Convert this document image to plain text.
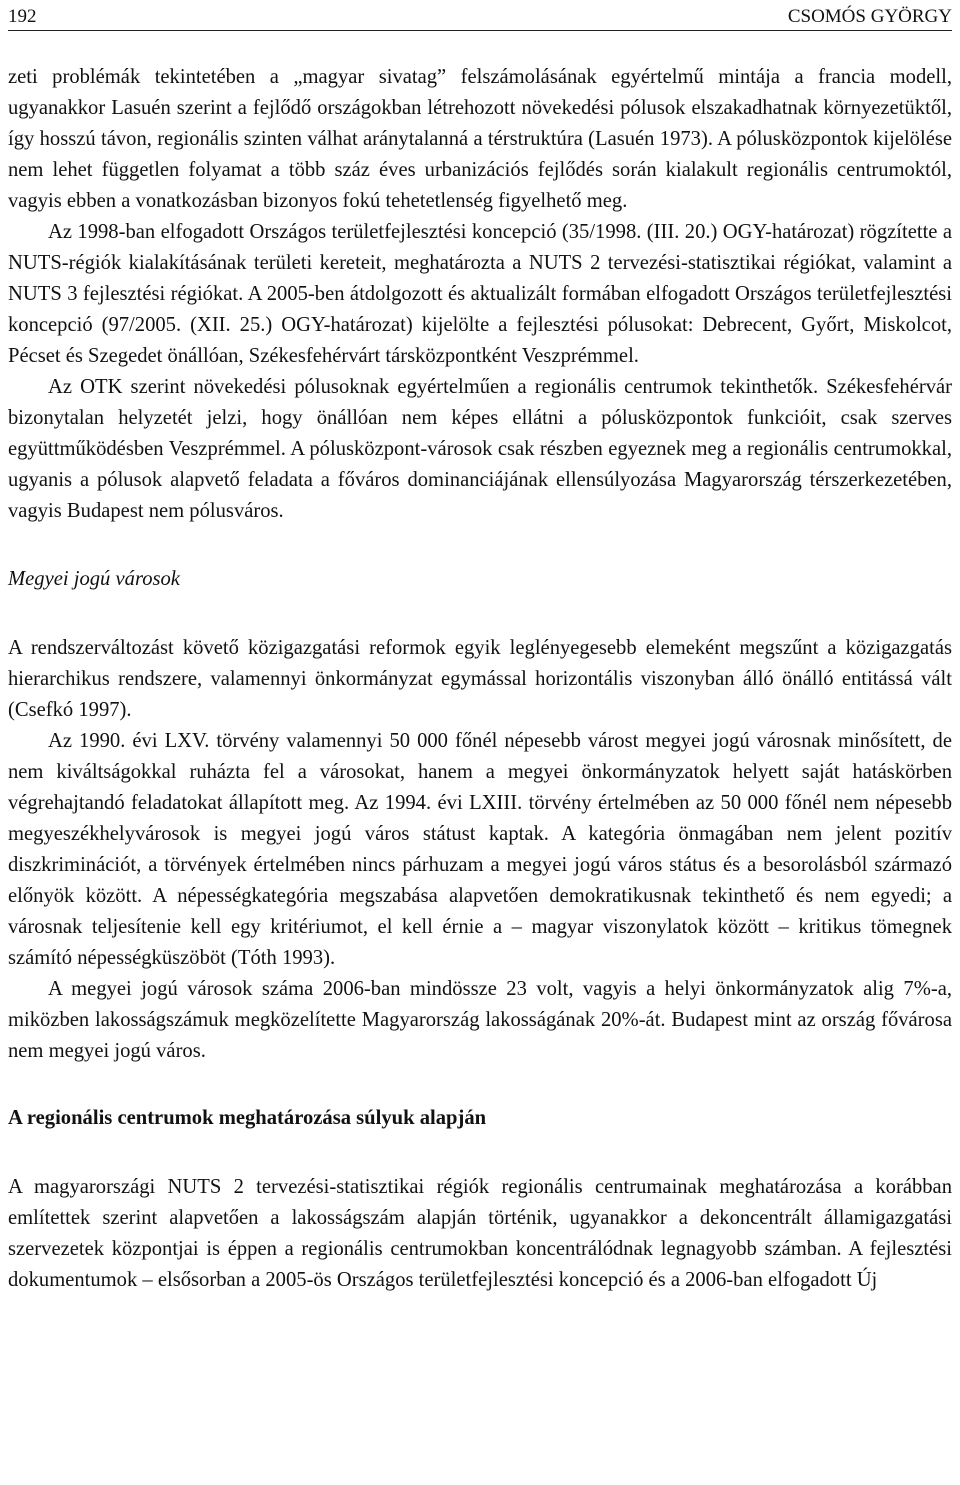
192	CSOMÓS GYÖRGY

zeti problémák tekintetében a „magyar sivatag” felszámolásának egyértelmű mintája a francia modell, ugyanakkor Lasuén szerint a fejlődő országokban létrehozott növekedési pólusok elszakadhatnak környezetüktől, így hosszú távon, regionális szinten válhat aránytalanná a térstruktúra (Lasuén 1973). A pólusközpontok kijelölése nem lehet független folyamat a több száz éves urbanizációs fejlődés során kialakult regionális centrumoktól, vagyis ebben a vonatkozásban bizonyos fokú tehetetlenség figyelhető meg.

Az 1998-ban elfogadott Országos területfejlesztési koncepció (35/1998. (III. 20.) OGY-határozat) rögzítette a NUTS-régiók kialakításának területi kereteit, meghatározta a NUTS 2 tervezési-statisztikai régiókat, valamint a NUTS 3 fejlesztési régiókat. A 2005-ben átdolgozott és aktualizált formában elfogadott Országos területfejlesztési koncepció (97/2005. (XII. 25.) OGY-határozat) kijelölte a fejlesztési pólusokat: Debrecent, Győrt, Miskolcot, Pécset és Szegedet önállóan, Székesfehérvárt társközpontként Veszprémmel.

Az OTK szerint növekedési pólusoknak egyértelműen a regionális centrumok tekinthetők. Székesfehérvár bizonytalan helyzetét jelzi, hogy önállóan nem képes ellátni a pólusközpontok funkcióit, csak szerves együttműködésben Veszprémmel. A pólusközpont-városok csak részben egyeznek meg a regionális centrumokkal, ugyanis a pólusok alapvető feladata a főváros dominanciájának ellensúlyozása Magyarország térszerkezetében, vagyis Budapest nem pólusváros.

Megyei jogú városok

A rendszerváltozást követő közigazgatási reformok egyik leglényegesebb elemeként megszűnt a közigazgatás hierarchikus rendszere, valamennyi önkormányzat egymással horizontális viszonyban álló önálló entitássá vált (Csefkó 1997).

Az 1990. évi LXV. törvény valamennyi 50 000 főnél népesebb várost megyei jogú városnak minősített, de nem kiváltságokkal ruházta fel a városokat, hanem a megyei önkormányzatok helyett saját hatáskörben végrehajtandó feladatokat állapított meg. Az 1994. évi LXIII. törvény értelmében az 50 000 főnél nem népesebb megyeszékhelyvárosok is megyei jogú város státust kaptak. A kategória önmagában nem jelent pozitív diszkriminációt, a törvények értelmében nincs párhuzam a megyei jogú város státus és a besorolásból származó előnyök között. A népességkategória megszabása alapvetően demokratikusnak tekinthető és nem egyedi; a városnak teljesítenie kell egy kritériumot, el kell érnie a – magyar viszonylatok között – kritikus tömegnek számító népességküszöböt (Tóth 1993).

A megyei jogú városok száma 2006-ban mindössze 23 volt, vagyis a helyi önkormányzatok alig 7%-a, miközben lakosságszámuk megközelítette Magyarország lakosságának 20%-át. Budapest mint az ország fővárosa nem megyei jogú város.

A regionális centrumok meghatározása súlyuk alapján

A magyarországi NUTS 2 tervezési-statisztikai régiók regionális centrumainak meghatározása a korábban említettek szerint alapvetően a lakosságszám alapján történik, ugyanakkor a dekoncentrált államigazgatási szervezetek központjai is éppen a regionális centrumokban koncentrálódnak legnagyobb számban. A fejlesztési dokumentumok – elsősorban a 2005-ös Országos területfejlesztési koncepció és a 2006-ban elfogadott Új
